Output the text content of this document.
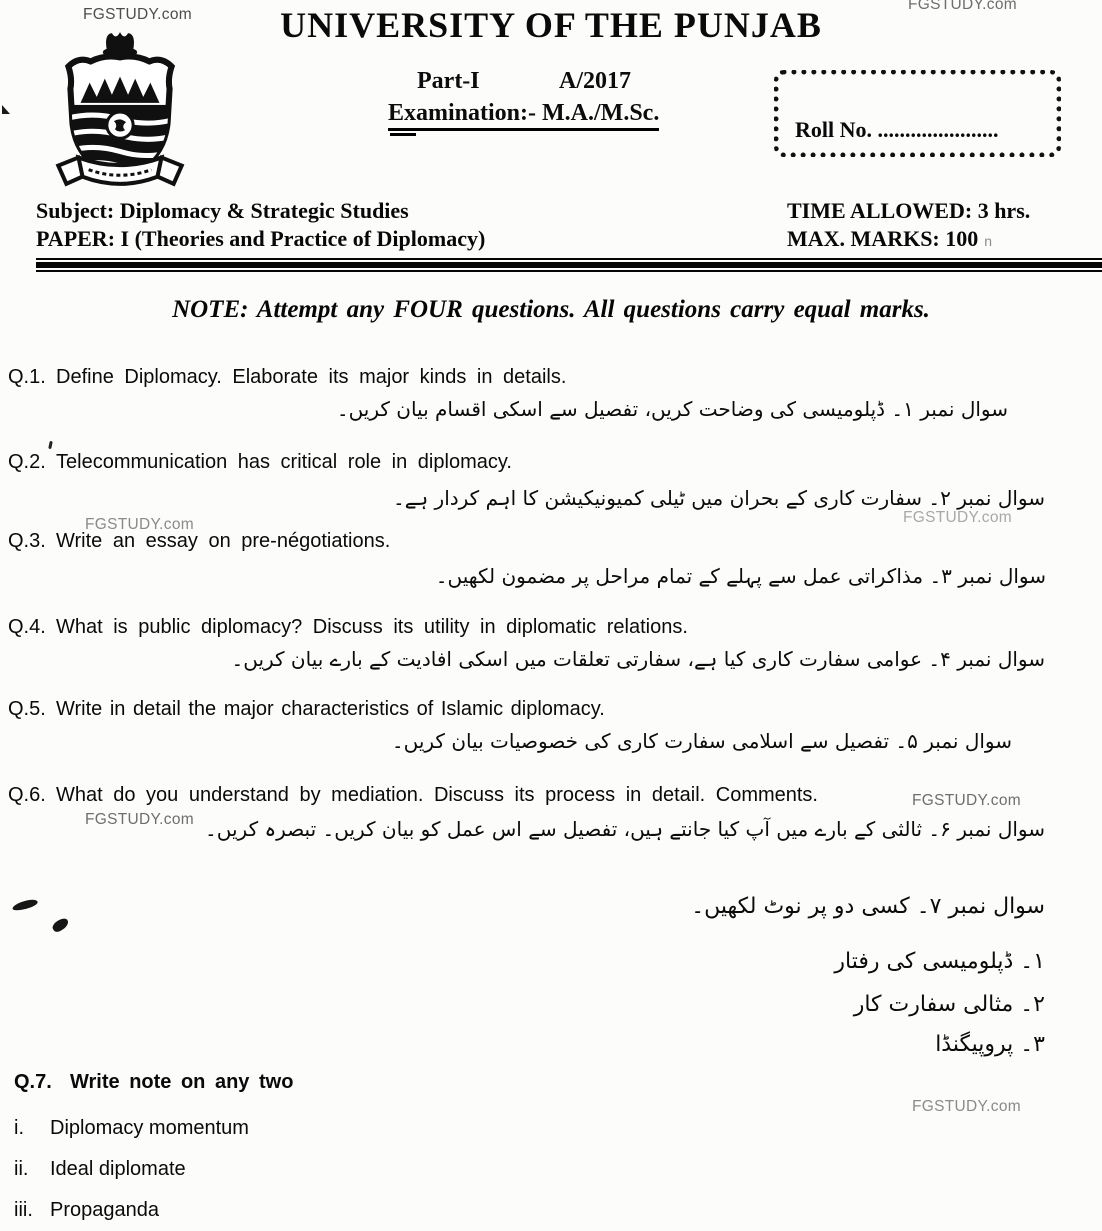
FGSTUDY.com
FGSTUDY.com
FGSTUDY.com	FGSTUDY.com
FGSTUDY.com
FGSTUDY.com
FGSTUDY.com
UNIVERSITY OF THE PUNJAB
Part-I	A/2017
Examination:- M.A./M.Sc.
Roll No. ......................
Subject: Diplomacy & Strategic Studies
PAPER: I (Theories and Practice of Diplomacy)
TIME ALLOWED: 3 hrs.
MAX. MARKS: 100 n
NOTE: Attempt any FOUR questions. All questions carry equal marks.
Q.1. Define Diplomacy. Elaborate its major kinds in details.
سوال نمبر ۱۔ ڈپلومیسی کی وضاحت کریں، تفصیل سے اسکی اقسام بیان کریں۔
Q.2. Telecommunication has critical role in diplomacy.
سوال نمبر ۲۔ سفارت کاری کے بحران میں ٹیلی کمیونیکیشن کا اہم کردار ہے۔
Q.3. Write an essay on pre-négotiations.
سوال نمبر ۳۔ مذاکراتی عمل سے پہلے کے تمام مراحل پر مضمون لکھیں۔
Q.4. What is public diplomacy? Discuss its utility in diplomatic relations.
سوال نمبر ۴۔ عوامی سفارت کاری کیا ہے، سفارتی تعلقات میں اسکی افادیت کے بارے بیان کریں۔
Q.5. Write in detail the major characteristics of Islamic diplomacy.
سوال نمبر ۵۔ تفصیل سے اسلامی سفارت کاری کی خصوصیات بیان کریں۔
Q.6. What do you understand by mediation. Discuss its process in detail. Comments.
سوال نمبر ۶۔ ثالثی کے بارے میں آپ کیا جانتے ہیں، تفصیل سے اس عمل کو بیان کریں۔ تبصرہ کریں۔
سوال نمبر ۷۔ کسی دو پر نوٹ لکھیں۔
۱۔ ڈپلومیسی کی رفتار
۲۔ مثالی سفارت کار
۳۔ پروپیگنڈا
Q.7. Write note on any two
i.	Diplomacy momentum
ii.	Ideal diplomate
iii. Propaganda
